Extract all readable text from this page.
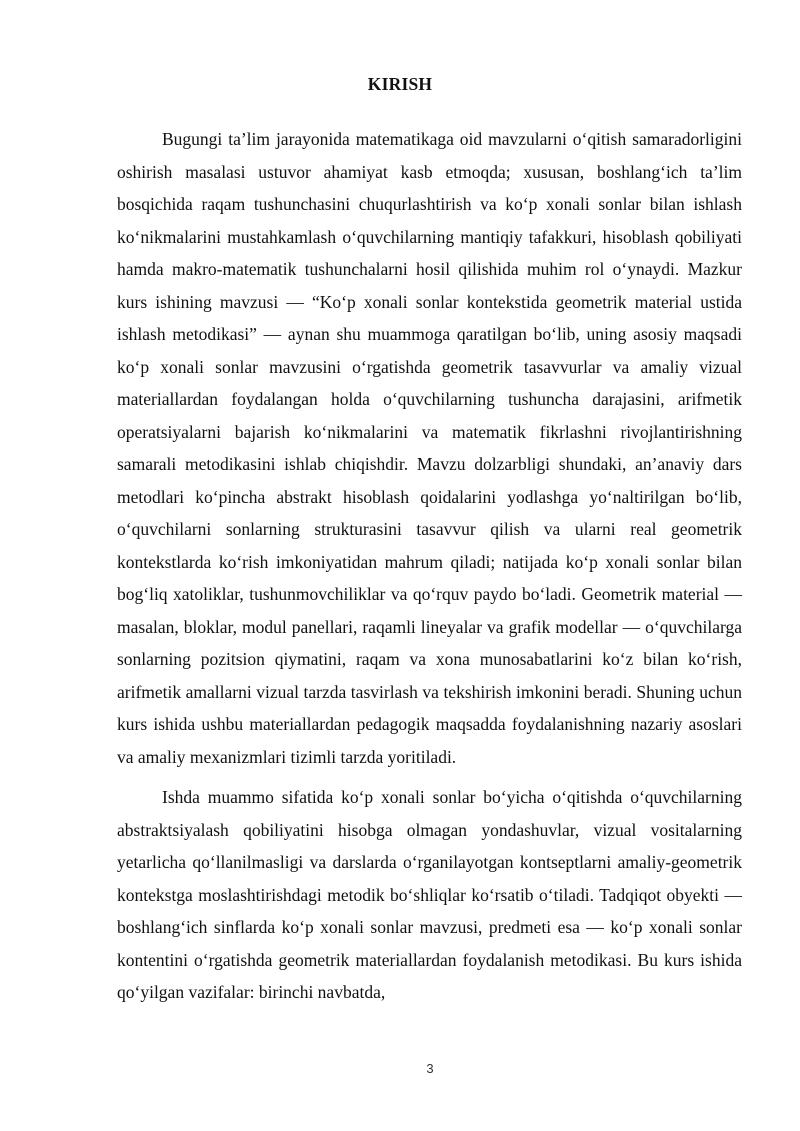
KIRISH

Bugungi ta’lim jarayonida matematikaga oid mavzularni o‘qitish samaradorligini oshirish masalasi ustuvor ahamiyat kasb etmoqda; xususan, boshlang‘ich ta’lim bosqichida raqam tushunchasini chuqurlashtirish va ko‘p xonali sonlar bilan ishlash ko‘nikmalarini mustahkamlash o‘quvchilarning mantiqiy tafakkuri, hisoblash qobiliyati hamda makro-matematik tushunchalarni hosil qilishida muhim rol o‘ynaydi. Mazkur kurs ishining mavzusi — “Ko‘p xonali sonlar kontekstida geometrik material ustida ishlash metodikasi” — aynan shu muammoga qaratilgan bo‘lib, uning asosiy maqsadi ko‘p xonali sonlar mavzusini o‘rgatishda geometrik tasavvurlar va amaliy vizual materiallardan foydalangan holda o‘quvchilarning tushuncha darajasini, arifmetik operatsiyalarni bajarish ko‘nikmalarini va matematik fikrlashni rivojlantirishning samarali metodikasini ishlab chiqishdir. Mavzu dolzarbligi shundaki, an’anaviy dars metodlari ko‘pincha abstrakt hisoblash qoidalarini yodlashga yo‘naltirilgan bo‘lib, o‘quvchilarni sonlarning strukturasini tasavvur qilish va ularni real geometrik kontekstlarda ko‘rish imkoniyatidan mahrum qiladi; natijada ko‘p xonali sonlar bilan bog‘liq xatoliklar, tushunmovchiliklar va qo‘rquv paydo bo‘ladi. Geometrik material — masalan, bloklar, modul panellari, raqamli lineyalar va grafik modellar — o‘quvchilarga sonlarning pozitsion qiymatini, raqam va xona munosabatlarini ko‘z bilan ko‘rish, arifmetik amallarni vizual tarzda tasvirlash va tekshirish imkonini beradi. Shuning uchun kurs ishida ushbu materiallardan pedagogik maqsadda foydalanishning nazariy asoslari va amaliy mexanizmlari tizimli tarzda yoritiladi.

Ishda muammo sifatida ko‘p xonali sonlar bo‘yicha o‘qitishda o‘quvchilarning abstraktsiyalash qobiliyatini hisobga olmagan yondashuvlar, vizual vositalarning yetarlicha qo‘llanilmasligi va darslarda o‘rganilayotgan kontseptlarni amaliy-geometrik kontekstga moslashtirishdagi metodik bo‘shliqlar ko‘rsatib o‘tiladi. Tadqiqot obyekti — boshlang‘ich sinflarda ko‘p xonali sonlar mavzusi, predmeti esa — ko‘p xonali sonlar kontentini o‘rgatishda geometrik materiallardan foydalanish metodikasi. Bu kurs ishida qo‘yilgan vazifalar: birinchi navbatda,

3
